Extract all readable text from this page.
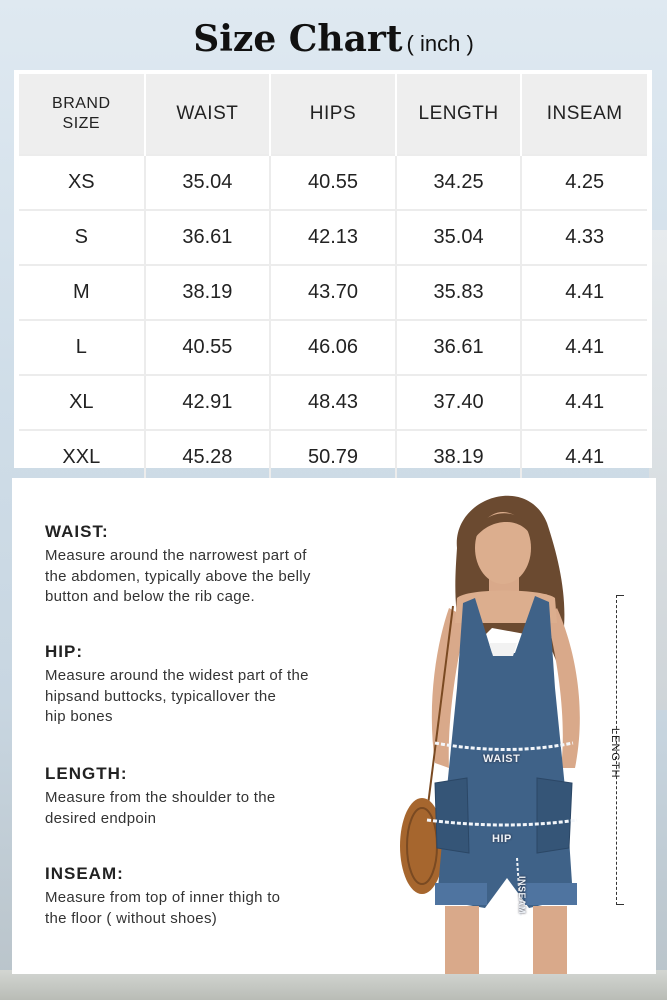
Size Chart ( inch )
BRAND
SIZE	WAIST	HIPS	LENGTH	INSEAM
XS	35.04	40.55	34.25	4.25
S	36.61	42.13	35.04	4.33
M	38.19	43.70	35.83	4.41
L	40.55	46.06	36.61	4.41
XL	42.91	48.43	37.40	4.41
XXL	45.28	50.79	38.19	4.41
WAIST:
Measure around the narrowest part of
the abdomen, typically above the belly
button and below the rib cage.
HIP:
Measure around the widest part of the
hipsand buttocks, typicallover the
hip bones
LENGTH:
Measure from the shoulder to the
desired endpoin
INSEAM:
Measure from top of inner thigh to
the floor ( without shoes)
WAIST
HIP
INSEAM
LENGTH
